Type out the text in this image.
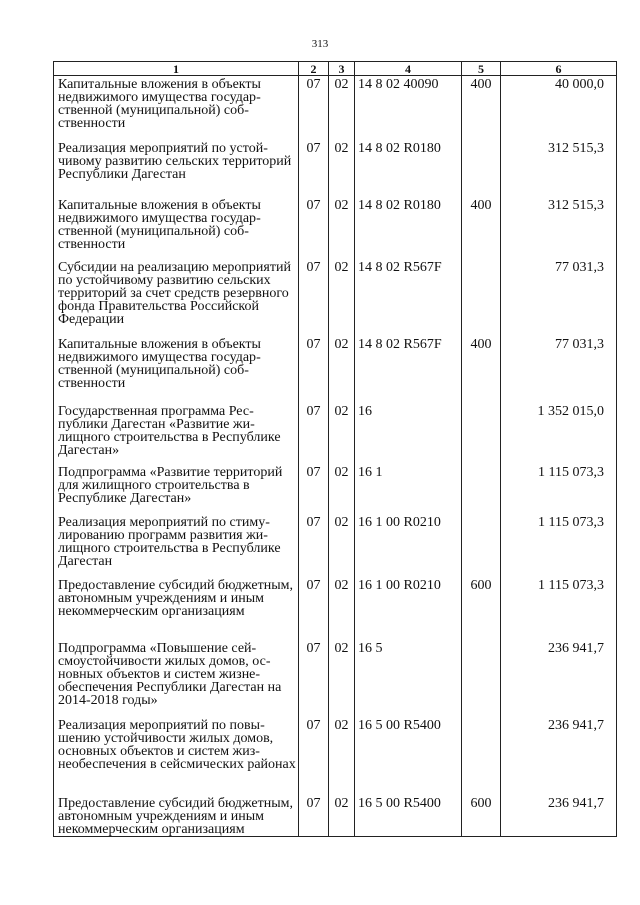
313
1	2	3	4	5	6
Капитальные вложения в объекты недвижимого имущества государственной (муниципальной) собственности	07	02	14 8 02 40090	400	40 000,0
Реализация мероприятий по устойчивому развитию сельских территорий Республики Дагестан	07	02	14 8 02 R0180		312 515,3
Капитальные вложения в объекты недвижимого имущества государственной (муниципальной) собственности	07	02	14 8 02 R0180	400	312 515,3
Субсидии на реализацию мероприятий по устойчивому развитию сельских территорий за счет средств резервного фонда Правительства Российской Федерации	07	02	14 8 02 R567F		77 031,3
Капитальные вложения в объекты недвижимого имущества государственной (муниципальной) собственности	07	02	14 8 02 R567F	400	77 031,3
Государственная программа Республики Дагестан «Развитие жилищного строительства в Республике Дагестан»	07	02	16		1 352 015,0
Подпрограмма «Развитие территорий для жилищного строительства в Республике Дагестан»	07	02	16 1		1 115 073,3
Реализация мероприятий по стимулированию программ развития жилищного строительства в Республике Дагестан	07	02	16 1 00 R0210		1 115 073,3
Предоставление субсидий бюджетным, автономным учреждениям и иным некоммерческим организациям	07	02	16 1 00 R0210	600	1 115 073,3
Подпрограмма «Повышение сейсмоустойчивости жилых домов, основных объектов и систем жизнеобеспечения Республики Дагестан на 2014-2018 годы»	07	02	16 5		236 941,7
Реализация мероприятий по повышению устойчивости жилых домов, основных объектов и систем жизнеобеспечения в сейсмических районах	07	02	16 5 00 R5400		236 941,7
Предоставление субсидий бюджетным, автономным учреждениям и иным некоммерческим организациям	07	02	16 5 00 R5400	600	236 941,7
